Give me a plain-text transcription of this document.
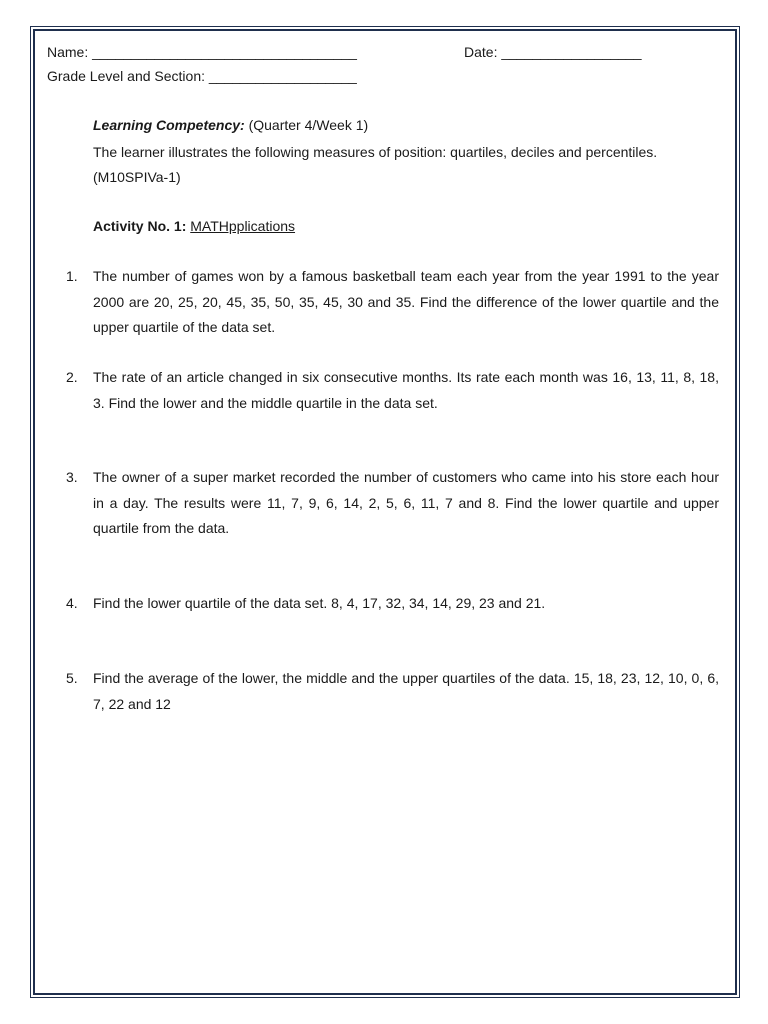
Name: __________________________________	Date: __________________
Grade Level and Section: ___________________
Learning Competency: (Quarter 4/Week 1)
The learner illustrates the following measures of position: quartiles, deciles and percentiles. (M10SPIVa-1)
Activity No. 1: MATHpplications
1.	The number of games won by a famous basketball team each year from the year 1991 to the year 2000 are 20, 25, 20, 45, 35, 50, 35, 45, 30 and 35. Find the difference of the lower quartile and the upper quartile of the data set.
2.	The rate of an article changed in six consecutive months. Its rate each month was 16, 13, 11, 8, 18, 3. Find the lower and the middle quartile in the data set.
3.	The owner of a super market recorded the number of customers who came into his store each hour in a day. The results were 11, 7, 9, 6, 14, 2, 5, 6, 11, 7 and 8. Find the lower quartile and upper quartile from the data.
4.	Find the lower quartile of the data set. 8, 4, 17, 32, 34, 14, 29, 23 and 21.
5.	Find the average of the lower, the middle and the upper quartiles of the data. 15, 18, 23, 12, 10, 0, 6, 7, 22 and 12
